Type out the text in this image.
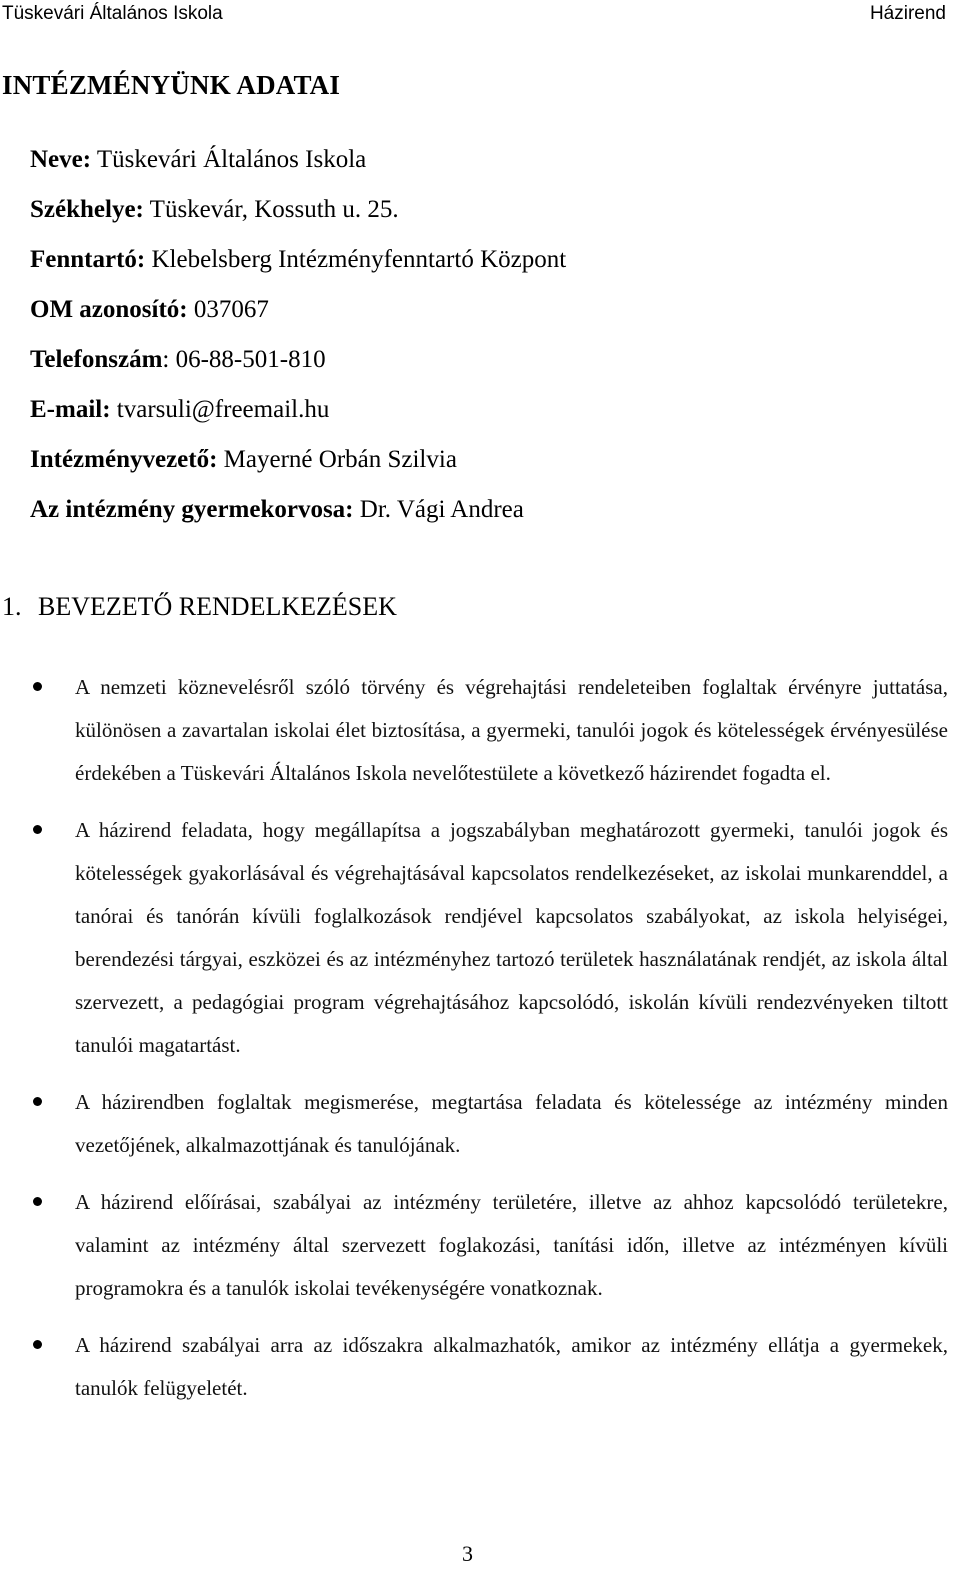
Tüskevári Általános Iskola	Házirend
INTÉZMÉNYÜNK ADATAI
Neve: Tüskevári Általános Iskola
Székhelye: Tüskevár, Kossuth u. 25.
Fenntartó: Klebelsberg Intézményfenntartó Központ
OM azonosító: 037067
Telefonszám: 06-88-501-810
E-mail: tvarsuli@freemail.hu
Intézményvezető: Mayerné Orbán Szilvia
Az intézmény gyermekorvosa: Dr. Vági Andrea
1. BEVEZETŐ RENDELKEZÉSEK
A nemzeti köznevelésről szóló törvény és végrehajtási rendeleteiben foglaltak érvényre juttatása, különösen a zavartalan iskolai élet biztosítása, a gyermeki, tanulói jogok és kötelességek érvényesülése érdekében a Tüskevári Általános Iskola nevelőtestülete a következő házirendet fogadta el.
A házirend feladata, hogy megállapítsa a jogszabályban meghatározott gyermeki, tanulói jogok és kötelességek gyakorlásával és végrehajtásával kapcsolatos rendelkezéseket, az iskolai munkarenddel, a tanórai és tanórán kívüli foglalkozások rendjével kapcsolatos szabályokat, az iskola helyiségei, berendezési tárgyai, eszközei és az intézményhez tartozó területek használatának rendjét, az iskola által szervezett, a pedagógiai program végrehajtásához kapcsolódó, iskolán kívüli rendezvényeken tiltott tanulói magatartást.
A házirendben foglaltak megismerése, megtartása feladata és kötelessége az intézmény minden vezetőjének, alkalmazottjának és tanulójának.
A házirend előírásai, szabályai az intézmény területére, illetve az ahhoz kapcsolódó területekre, valamint az intézmény által szervezett foglakozási, tanítási időn, illetve az intézményen kívüli programokra és a tanulók iskolai tevékenységére vonatkoznak.
A házirend szabályai arra az időszakra alkalmazhatók, amikor az intézmény ellátja a gyermekek, tanulók felügyeletét.
3
